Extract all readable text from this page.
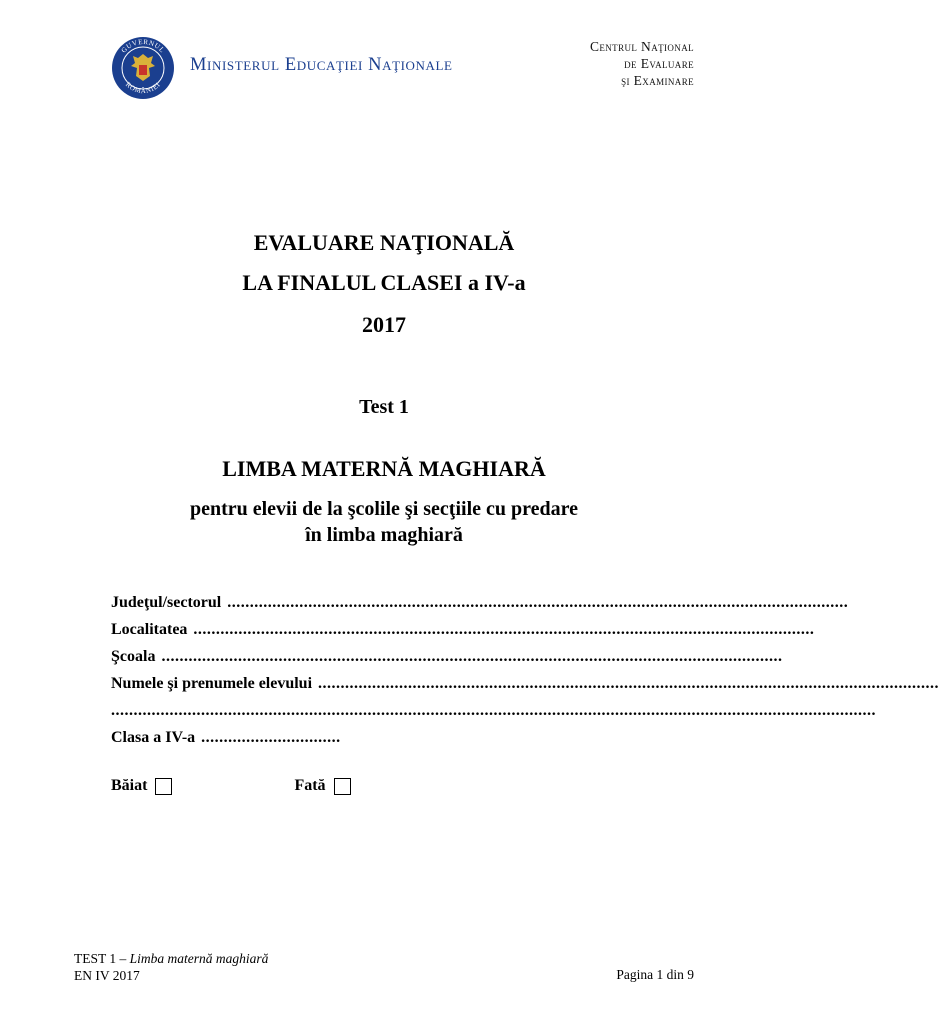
GUVERNUL
ROMÂNIEI
Ministerul Educaţiei Naţionale
Centrul Naţional
de Evaluare
şi Examinare
EVALUARE NAŢIONALĂ
LA FINALUL CLASEI a IV-a
2017
Test 1
LIMBA MATERNĂ MAGHIARĂ
pentru elevii de la şcolile şi secţiile cu predare
în limba maghiară
Judeţul/sectorul ..........................................................................................................................................
Localitatea ..........................................................................................................................................
Şcoala ..........................................................................................................................................
Numele şi prenumele elevului ..........................................................................................................................................
..........................................................................................................................................................................
Clasa a IV-a ...............................
Băiat	Fată
TEST 1 – Limba maternă maghiară
EN IV 2017	Pagina 1 din 9
